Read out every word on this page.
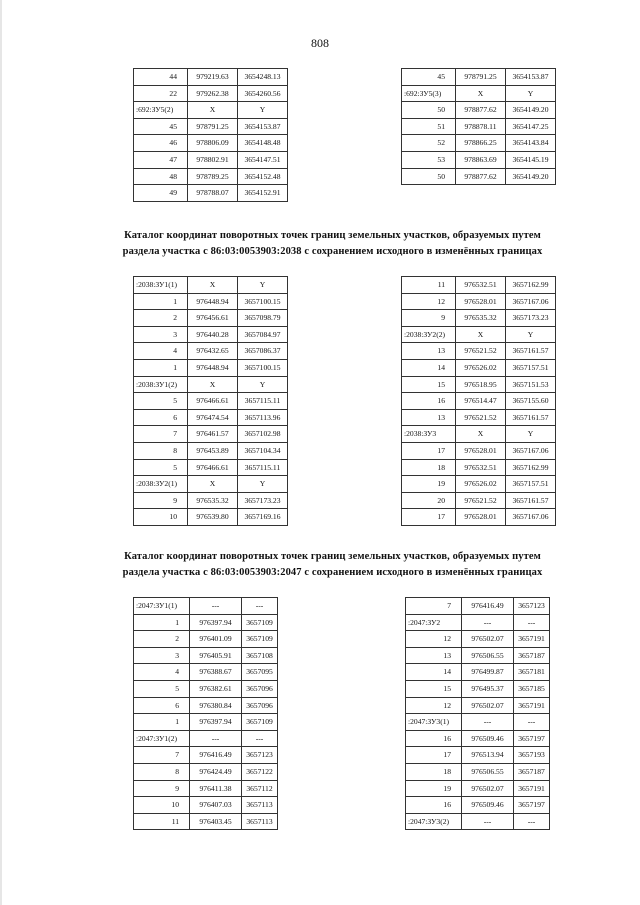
808
44	979219.63	3654248.13
22	979262.38	3654260.56
:692:ЗУ5(2)	X	Y
45	978791.25	3654153.87
46	978806.09	3654148.48
47	978802.91	3654147.51
48	978789.25	3654152.48
49	978788.07	3654152.91
45	978791.25	3654153.87
:692:ЗУ5(3)	X	Y
50	978877.62	3654149.20
51	978878.11	3654147.25
52	978866.25	3654143.84
53	978863.69	3654145.19
50	978877.62	3654149.20
Каталог координат поворотных точек границ земельных участков, образуемых путем
раздела участка с 86:03:0053903:2038 с сохранением исходного в изменённых границах
:2038:ЗУ1(1)	X	Y
1	976448.94	3657100.15
2	976456.61	3657098.79
3	976440.28	3657084.97
4	976432.65	3657086.37
1	976448.94	3657100.15
:2038:ЗУ1(2)	X	Y
5	976466.61	3657115.11
6	976474.54	3657113.96
7	976461.57	3657102.98
8	976453.89	3657104.34
5	976466.61	3657115.11
:2038:ЗУ2(1)	X	Y
9	976535.32	3657173.23
10	976539.80	3657169.16
11	976532.51	3657162.99
12	976528.01	3657167.06
9	976535.32	3657173.23
:2038:ЗУ2(2)	X	Y
13	976521.52	3657161.57
14	976526.02	3657157.51
15	976518.95	3657151.53
16	976514.47	3657155.60
13	976521.52	3657161.57
:2038:ЗУ3	X	Y
17	976528.01	3657167.06
18	976532.51	3657162.99
19	976526.02	3657157.51
20	976521.52	3657161.57
17	976528.01	3657167.06
Каталог координат поворотных точек границ земельных участков, образуемых путем
раздела участка с 86:03:0053903:2047 с сохранением исходного в изменённых границах
:2047:ЗУ1(1)	---	---
1	976397.94	3657109
2	976401.09	3657109
3	976405.91	3657108
4	976388.67	3657095
5	976382.61	3657096
6	976380.84	3657096
1	976397.94	3657109
:2047:ЗУ1(2)	---	---
7	976416.49	3657123
8	976424.49	3657122
9	976411.38	3657112
10	976407.03	3657113
11	976403.45	3657113
7	976416.49	3657123
:2047:ЗУ2	---	---
12	976502.07	3657191
13	976506.55	3657187
14	976499.87	3657181
15	976495.37	3657185
12	976502.07	3657191
:2047:ЗУ3(1)	---	---
16	976509.46	3657197
17	976513.94	3657193
18	976506.55	3657187
19	976502.07	3657191
16	976509.46	3657197
:2047:ЗУ3(2)	---	---
